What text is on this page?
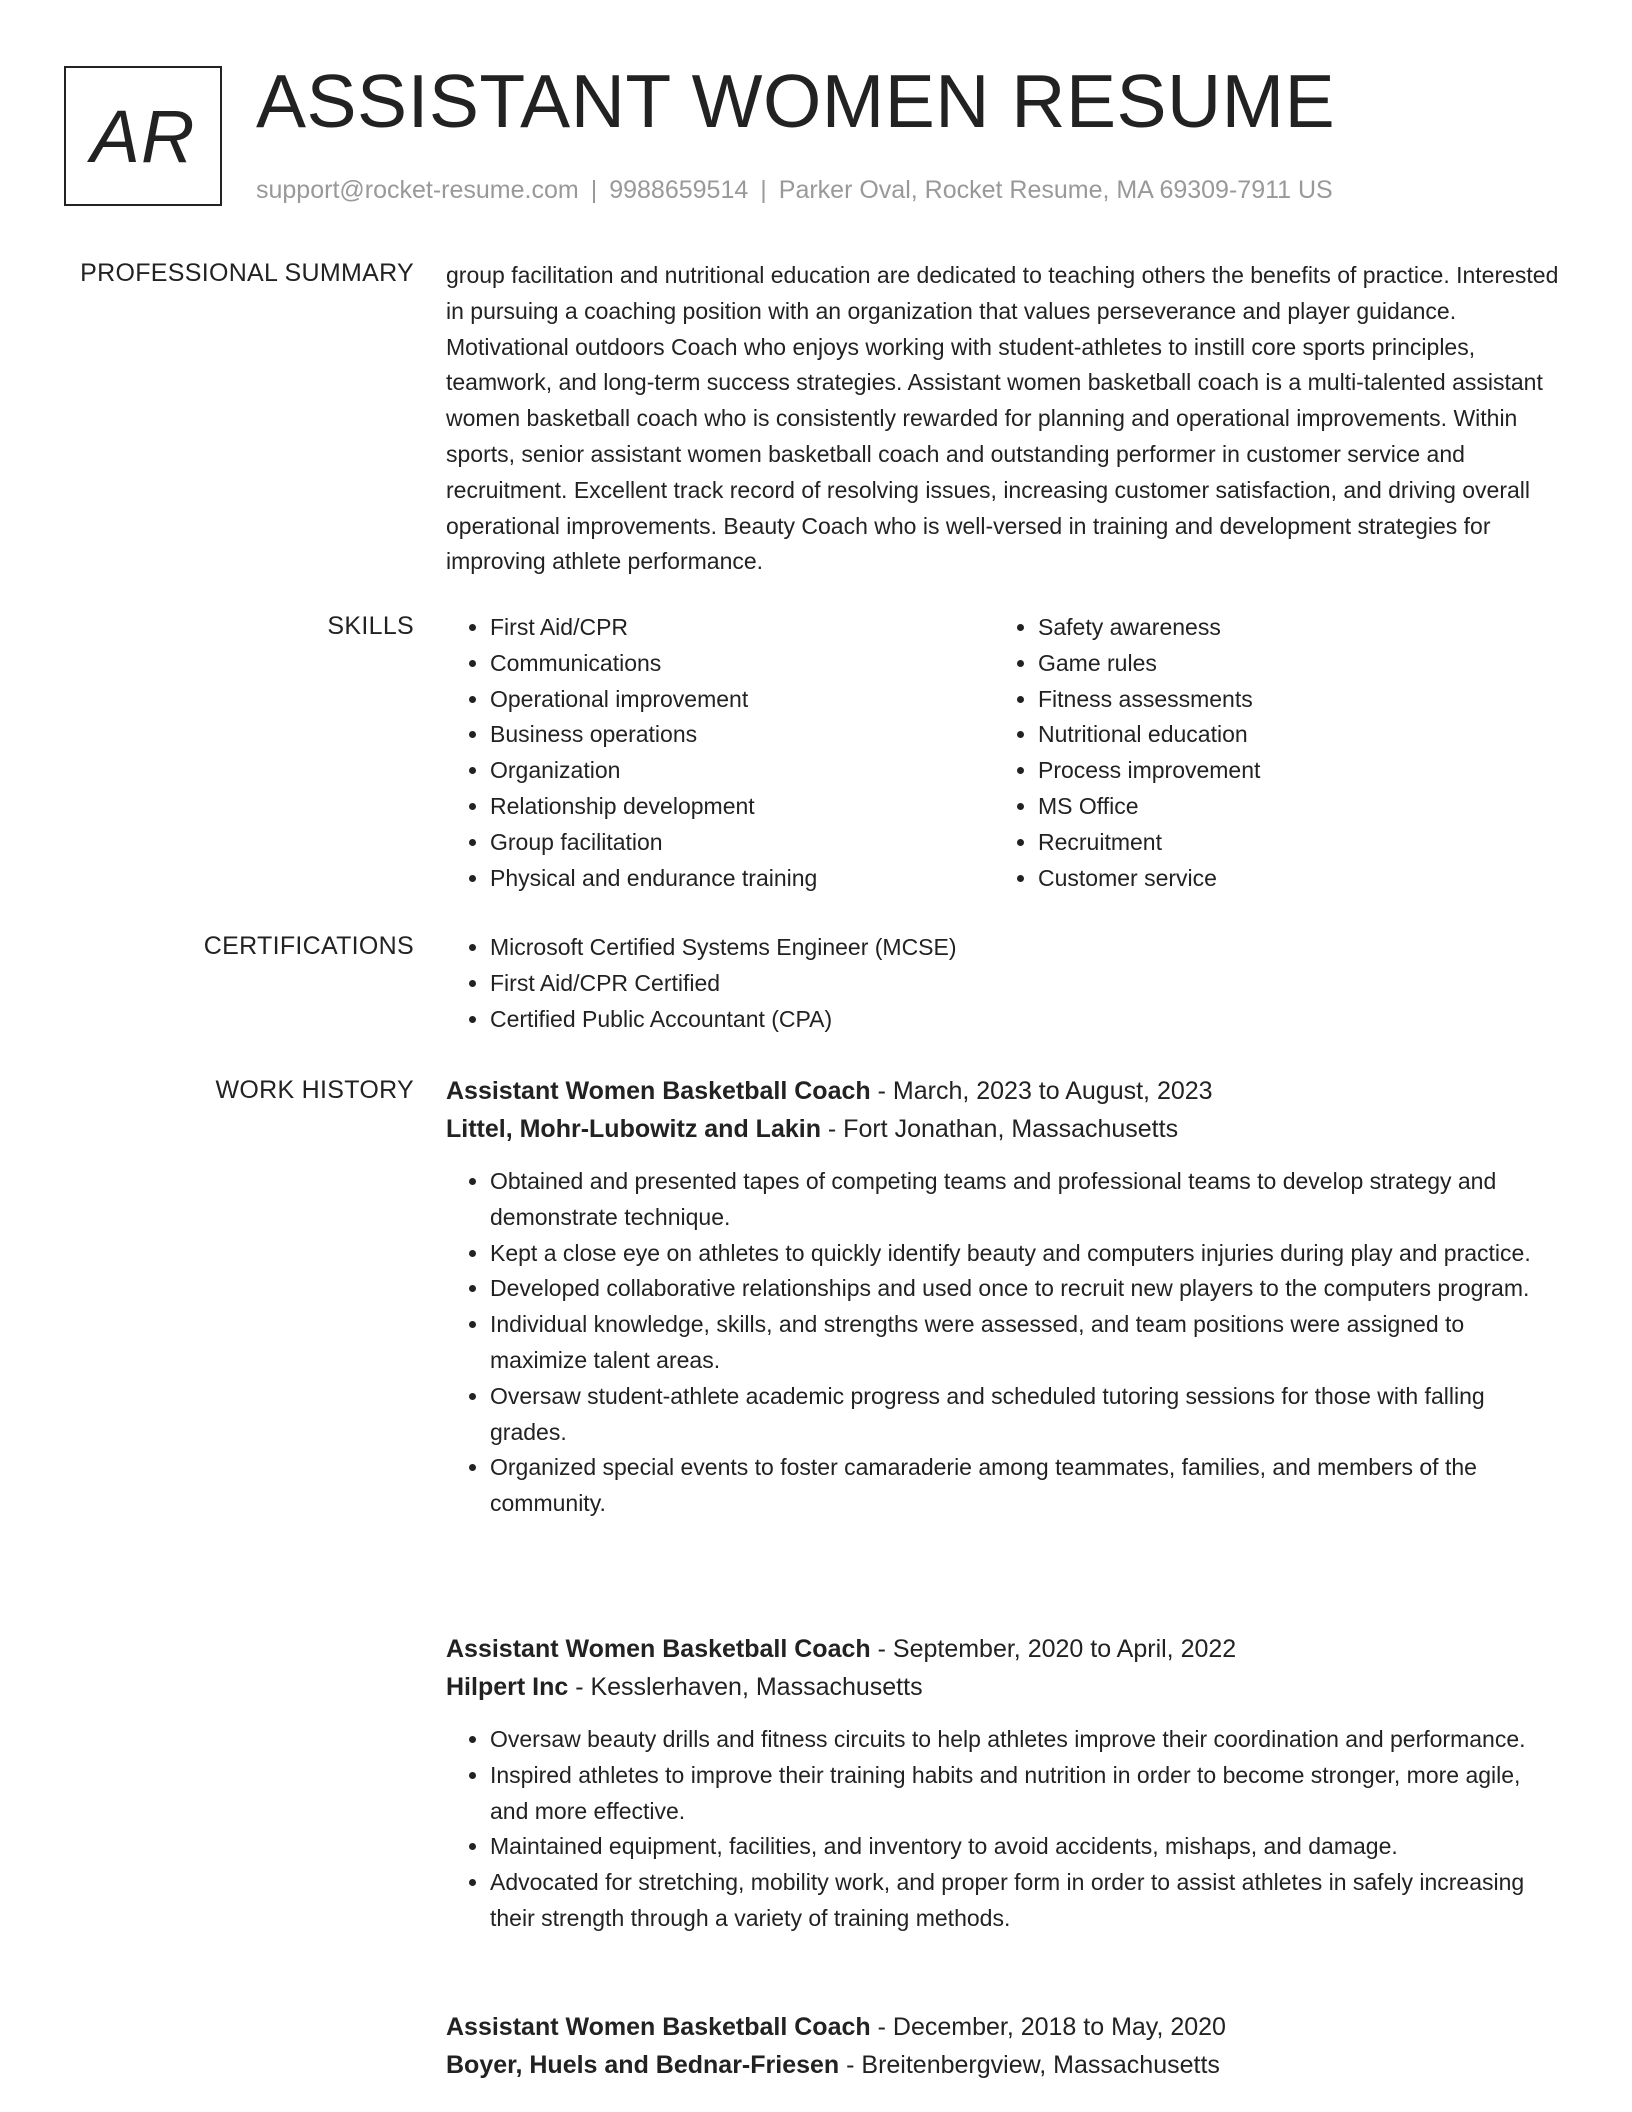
AR ASSISTANT WOMEN RESUME
support@rocket-resume.com | 9988659514 | Parker Oval, Rocket Resume, MA 69309-7911 US
PROFESSIONAL SUMMARY group facilitation and nutritional education are dedicated to teaching others the benefits of practice. Interested in pursuing a coaching position with an organization that values perseverance and player guidance. Motivational outdoors Coach who enjoys working with student-athletes to instill core sports principles, teamwork, and long-term success strategies. Assistant women basketball coach is a multi-talented assistant women basketball coach who is consistently rewarded for planning and operational improvements. Within sports, senior assistant women basketball coach and outstanding performer in customer service and recruitment. Excellent track record of resolving issues, increasing customer satisfaction, and driving overall operational improvements. Beauty Coach who is well-versed in training and development strategies for improving athlete performance.

SKILLS	• First Aid/CPR
• Communications
• Operational improvement
• Business operations
• Organization
• Relationship development
• Group facilitation
• Physical and endurance training
• Safety awareness
• Game rules
• Fitness assessments
• Nutritional education
• Process improvement
• MS Office
• Recruitment
• Customer service
CERTIFICATIONS	• Microsoft Certified Systems Engineer (MCSE)
• First Aid/CPR Certified
• Certified Public Accountant (CPA)
WORK HISTORY Assistant Women Basketball Coach - March, 2023 to August, 2023
Littel, Mohr-Lubowitz and Lakin - Fort Jonathan, Massachusetts
• Obtained and presented tapes of competing teams and professional teams to develop strategy and demonstrate technique.
• Kept a close eye on athletes to quickly identify beauty and computers injuries during play and practice.
• Developed collaborative relationships and used once to recruit new players to the computers program.
• Individual knowledge, skills, and strengths were assessed, and team positions were assigned to maximize talent areas.
• Oversaw student-athlete academic progress and scheduled tutoring sessions for those with falling grades.
• Organized special events to foster camaraderie among teammates, families, and members of the community.
Assistant Women Basketball Coach - September, 2020 to April, 2022
Hilpert Inc - Kesslerhaven, Massachusetts
• Oversaw beauty drills and fitness circuits to help athletes improve their coordination and performance.
• Inspired athletes to improve their training habits and nutrition in order to become stronger, more agile, and more effective.
• Maintained equipment, facilities, and inventory to avoid accidents, mishaps, and damage.
• Advocated for stretching, mobility work, and proper form in order to assist athletes in safely increasing their strength through a variety of training methods.
Assistant Women Basketball Coach - December, 2018 to May, 2020
Boyer, Huels and Bednar-Friesen - Breitenbergview, Massachusetts
